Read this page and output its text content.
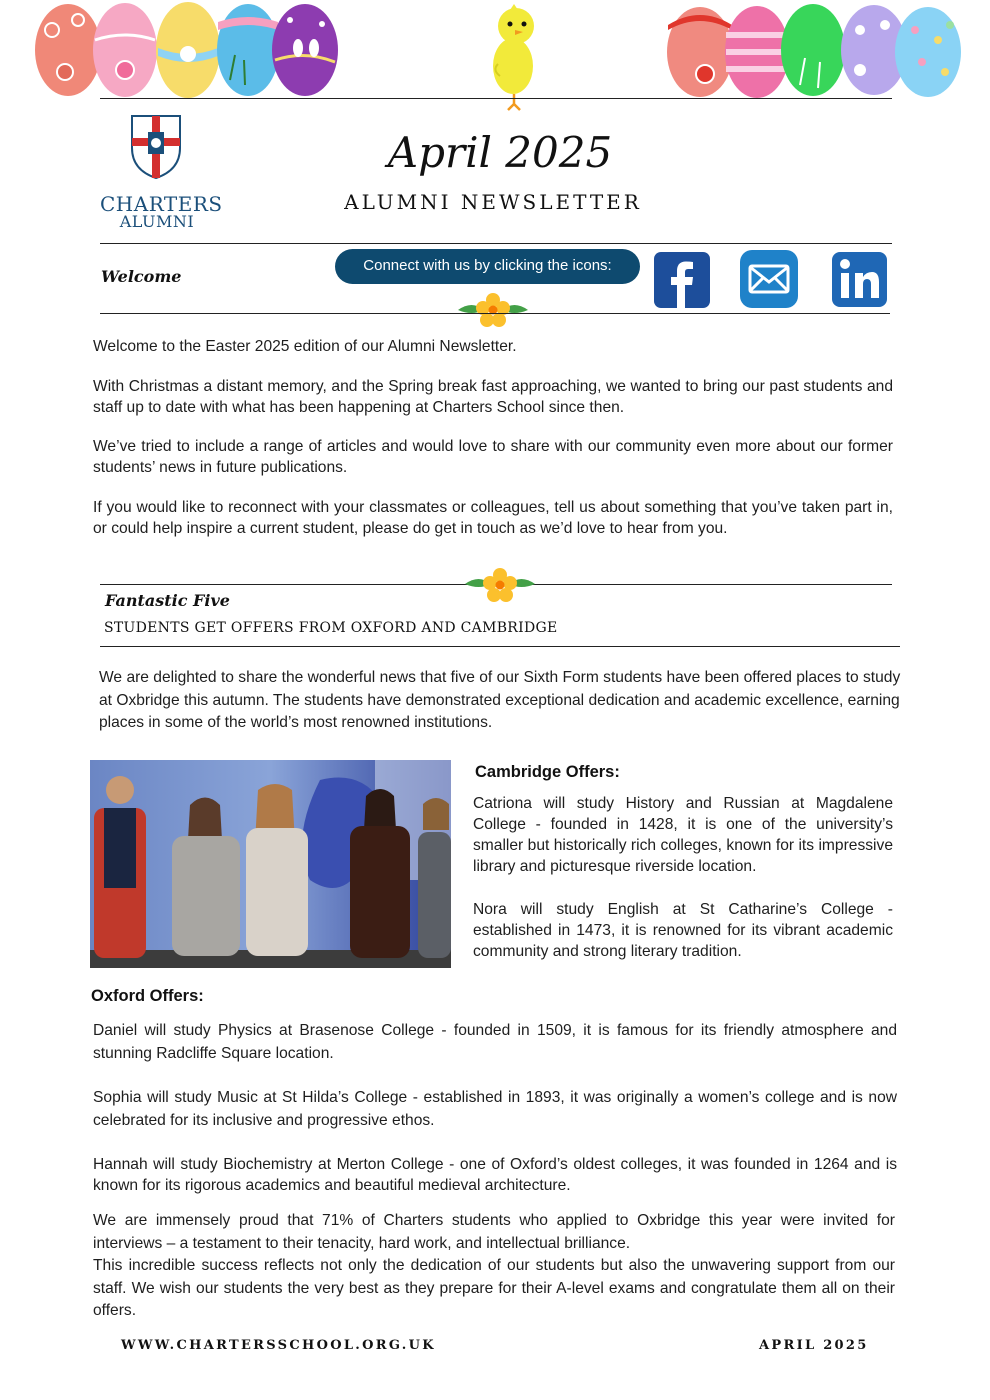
CHARTERS
ALUMNI
April 2025
ALUMNI NEWSLETTER
Welcome
Connect with us by clicking the icons:

Welcome to the Easter 2025 edition of our Alumni Newsletter.

With Christmas a distant memory, and the Spring break fast approaching, we wanted to bring our past students and staff up to date with what has been happening at Charters School since then.

We’ve tried to include a range of articles and would love to share with our community even more about our former students’ news in future publications.

If you would like to reconnect with your classmates or colleagues, tell us about something that you’ve taken part in, or could help inspire a current student, please do get in touch as we’d love to hear from you.

Fantastic Five
STUDENTS GET OFFERS FROM OXFORD AND CAMBRIDGE

We are delighted to share the wonderful news that five of our Sixth Form students have been offered places to study at Oxbridge this autumn. The students have demonstrated exceptional dedication and academic excellence, earning places in some of the world’s most renowned institutions.

Cambridge Offers:

Catriona will study History and Russian at Magdalene College - founded in 1428, it is one of the university’s smaller but historically rich colleges, known for its impressive library and picturesque riverside location.

Nora will study English at St Catharine’s College - established in 1473, it is renowned for its vibrant academic community and strong literary tradition.

Oxford Offers:

Daniel will study Physics at Brasenose College - founded in 1509, it is famous for its friendly atmosphere and stunning Radcliffe Square location.

Sophia will study Music at St Hilda’s College - established in 1893, it was originally a women’s college and is now celebrated for its inclusive and progressive ethos.

Hannah will study Biochemistry at Merton College - one of Oxford’s oldest colleges, it was founded in 1264 and is known for its rigorous academics and beautiful medieval architecture.

We are immensely proud that 71% of Charters students who applied to Oxbridge this year were invited for interviews – a testament to their tenacity, hard work, and intellectual brilliance.

This incredible success reflects not only the dedication of our students but also the unwavering support from our staff. We wish our students the very best as they prepare for their A-level exams and congratulate them all on their offers.

WWW.CHARTERSSCHOOL.ORG.UK	APRIL 2025
